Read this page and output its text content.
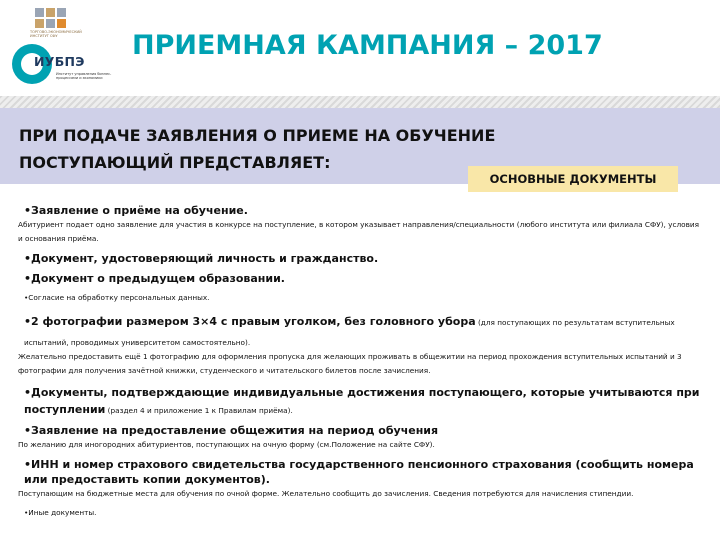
ТОРГОВО-ЭКОНОМИЧЕСКИЙ ИНСТИТУТ СФУ
ИУБПЭ
Институт управления бизнес-процессами и экономики
ПРИЕМНАЯ КАМПАНИЯ – 2017
ПРИ ПОДАЧЕ ЗАЯВЛЕНИЯ О ПРИЕМЕ НА ОБУЧЕНИЕ
ПОСТУПАЮЩИЙ ПРЕДСТАВЛЯЕТ:
ОСНОВНЫЕ ДОКУМЕНТЫ
•Заявление о приёме на обучение.
Абитуриент подает одно заявление для участия в конкурсе на поступление, в котором указывает направления/специальности (любого института или филиала СФУ), условия и основания приёма.
•Документ, удостоверяющий личность и гражданство.
•Документ о предыдущем образовании.
•Согласие на обработку персональных данных.
•2 фотографии размером 3×4 с правым уголком, без головного убора (для поступающих по результатам вступительных испытаний, проводимых университетом самостоятельно).
Желательно предоставить ещё 1 фотографию для оформления пропуска для желающих проживать в общежитии на период прохождения вступительных испытаний и 3 фотографии для получения зачётной книжки, студенческого и читательского билетов после зачисления.
•Документы, подтверждающие индивидуальные достижения поступающего, которые учитываются при поступлении (раздел 4 и приложение 1 к Правилам приёма).
•Заявление на предоставление общежития на период обучения
По желанию для иногородних абитуриентов, поступающих на очную форму (см.Положение на сайте СФУ).
•ИНН и номер страхового свидетельства государственного пенсионного страхования (сообщить номера или предоставить копии документов).
Поступающим на бюджетные места для обучения по очной форме. Желательно сообщить до зачисления. Сведения потребуются для начисления стипендии.
•Иные документы.
